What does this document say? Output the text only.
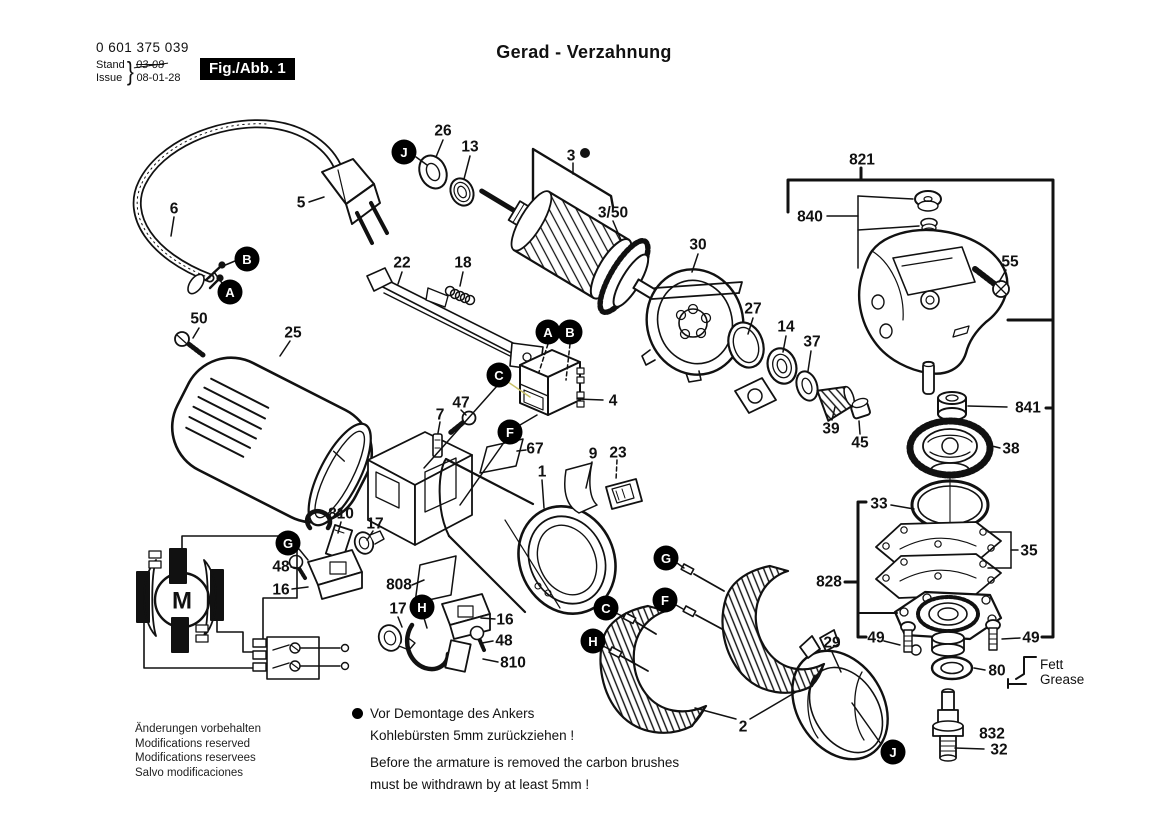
0 601 375 039
Stand
Issue } 03-08
08-01-28
Fig./Abb. 1
Gerad - Verzahnung
M
Fett
Grease
26
13
3
3/50
821
840
55
30
27
14
37
39
45
841
38
33
35
828
49	49
80
832
32
29
6	5
50
25
22	18
4
47
7
67
1
9 23
810
17
48
16	808
17
16
48
810
2
J
B
A
A B
C
F
G
H
G
F
C
H
J
Änderungen vorbehalten
Modifications reserved
Modifications reservees
Salvo modificaciones
Vor Demontage des Ankers
Kohlebürsten 5mm zurückziehen !
Before the armature is removed the carbon brushes
must be withdrawn by at least 5mm !
